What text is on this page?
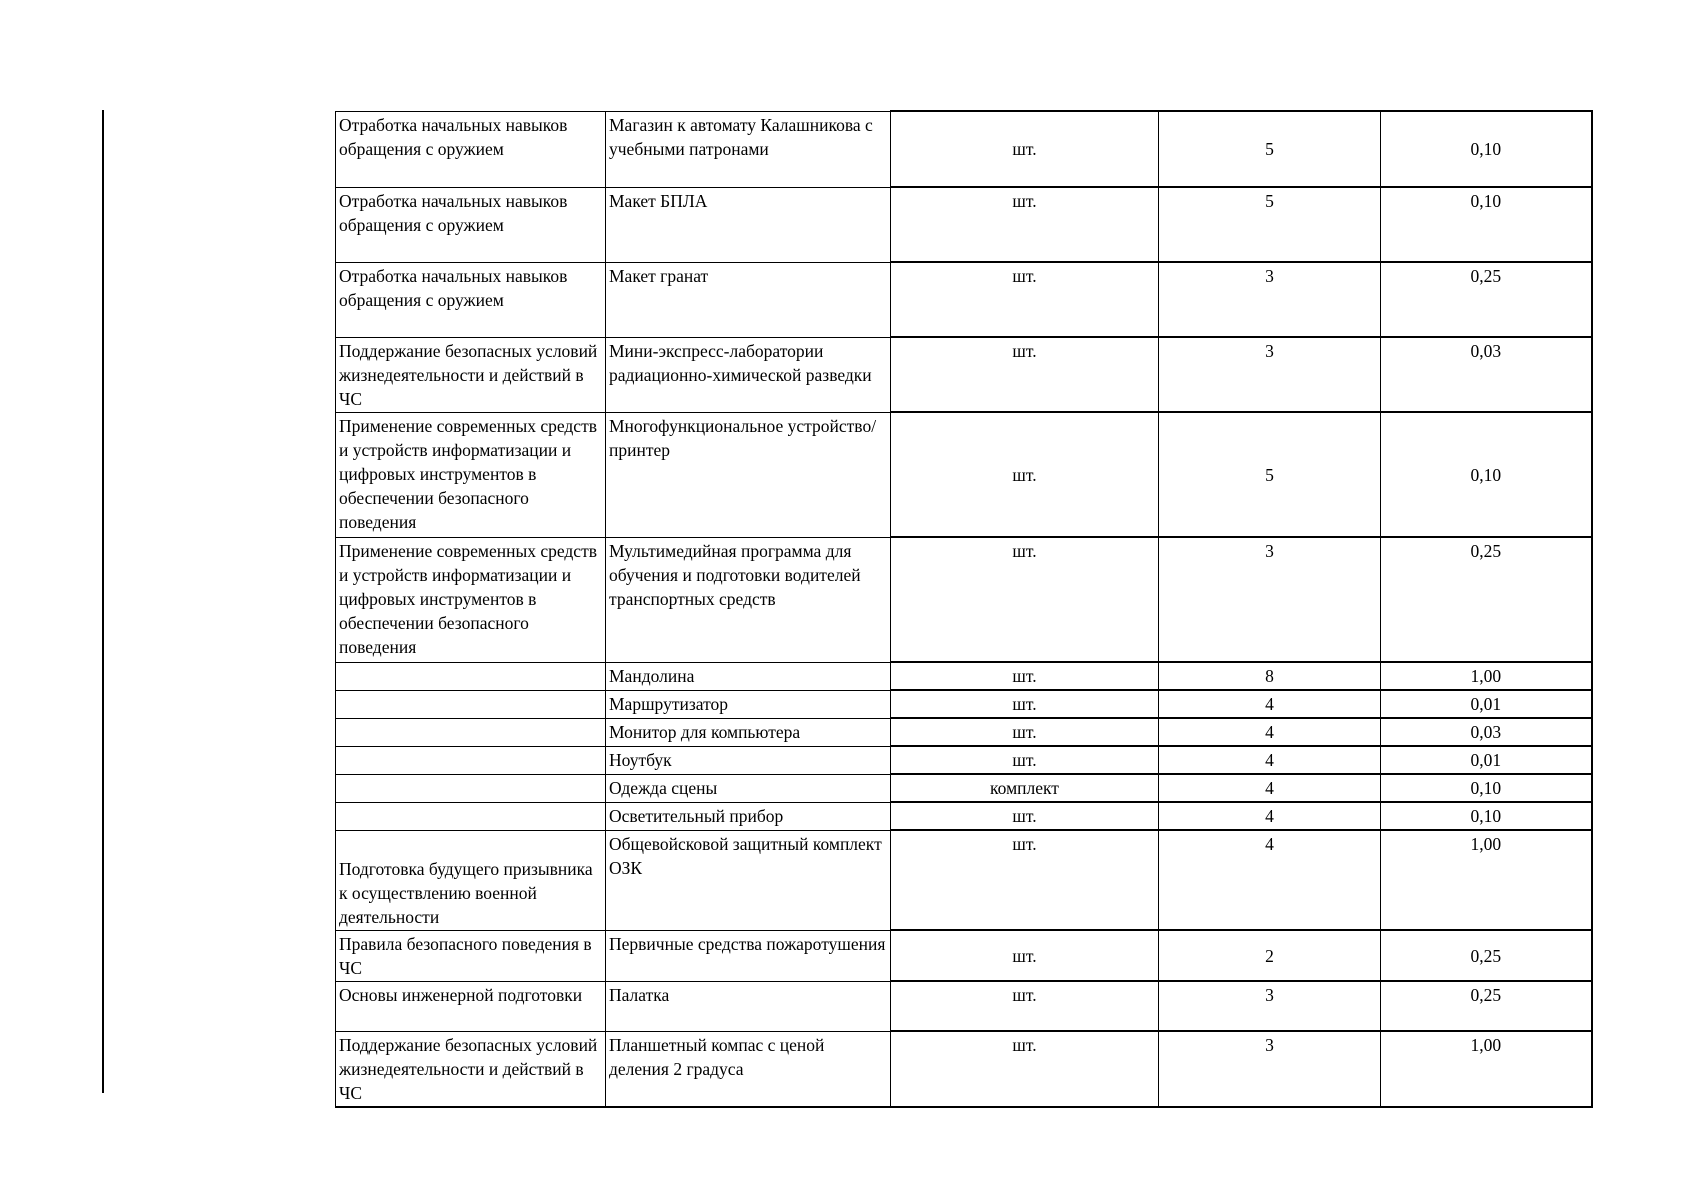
Отработка начальных навыков обращения с оружием	Магазин к автомату Калашникова с учебными патронами	шт.	5	0,10
Отработка начальных навыков обращения с оружием	Макет БПЛА	шт.	5	0,10
Отработка начальных навыков обращения с оружием	Макет гранат	шт.	3	0,25
Поддержание безопасных условий жизнедеятельности и действий в ЧС	Мини-экспресс-лаборатории радиационно-химической разведки	шт.	3	0,03
Применение современных средств и устройств информатизации и цифровых инструментов в обеспечении безопасного поведения	Многофункциональное устройство/принтер	шт.	5	0,10
Применение современных средств и устройств информатизации и цифровых инструментов в обеспечении безопасного поведения	Мультимедийная программа для обучения и подготовки водителей транспортных средств	шт.	3	0,25
	Мандолина	шт.	8	1,00
	Маршрутизатор	шт.	4	0,01
	Монитор для компьютера	шт.	4	0,03
	Ноутбук	шт.	4	0,01
	Одежда сцены	комплект	4	0,10
	Осветительный прибор	шт.	4	0,10
Подготовка будущего призывника к осуществлению военной деятельности	Общевойсковой защитный комплект ОЗК	шт.	4	1,00
Правила безопасного поведения в ЧС	Первичные средства пожаротушения	шт.	2	0,25
Основы инженерной подготовки	Палатка	шт.	3	0,25
Поддержание безопасных условий жизнедеятельности и действий в ЧС	Планшетный компас с ценой деления 2 градуса	шт.	3	1,00
